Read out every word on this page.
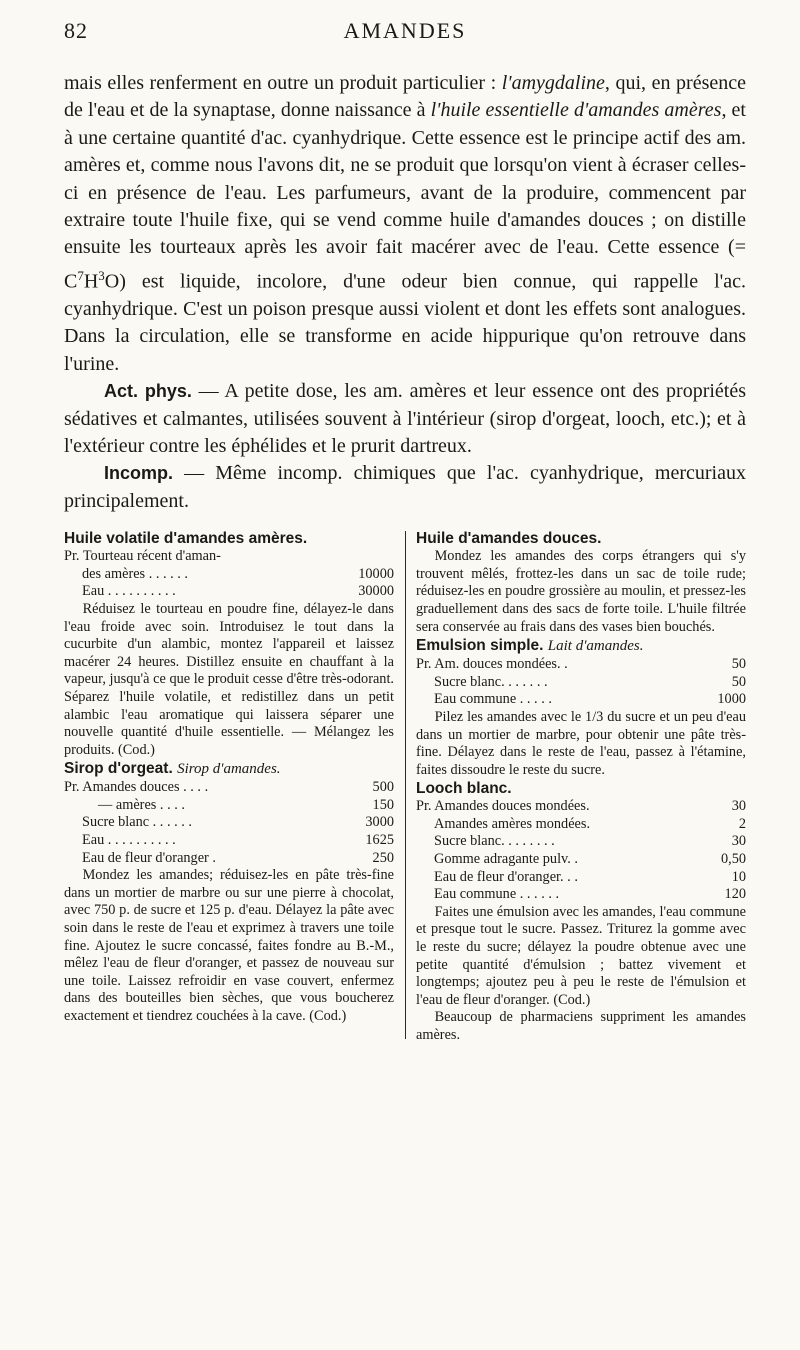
82	AMANDES

mais elles renferment en outre un produit particulier : l'amygdaline, qui, en présence de l'eau et de la synaptase, donne naissance à l'huile essentielle d'amandes amères, et à une certaine quantité d'ac. cyanhydrique. Cette essence est le principe actif des am. amères et, comme nous l'avons dit, ne se produit que lorsqu'on vient à écraser celles-ci en présence de l'eau. Les parfumeurs, avant de la produire, commencent par extraire toute l'huile fixe, qui se vend comme huile d'amandes douces ; on distille ensuite les tourteaux après les avoir fait macérer avec de l'eau. Cette essence (= $C^7H^3O$) est liquide, incolore, d'une odeur bien connue, qui rappelle l'ac. cyanhydrique. C'est un poison presque aussi violent et dont les effets sont analogues. Dans la circulation, elle se transforme en acide hippurique qu'on retrouve dans l'urine.

Act. phys. — A petite dose, les am. amères et leur essence ont des propriétés sédatives et calmantes, utilisées souvent à l'intérieur (sirop d'orgeat, looch, etc.); et à l'extérieur contre les éphélides et le prurit dartreux.

Incomp. — Même incomp. chimiques que l'ac. cyanhydrique, mercuriaux principalement.

Huile volatile d'amandes amères.
Pr. Tourteau récent d'aman-
des amères . . . . . .	10000
Eau . . . . . . . . . .	30000

Réduisez le tourteau en poudre fine, délayez-le dans l'eau froide avec soin. Introduisez le tout dans la cucurbite d'un alambic, montez l'appareil et laissez macérer 24 heures. Distillez ensuite en chauffant à la vapeur, jusqu'à ce que le produit cesse d'être très-odorant. Séparez l'huile volatile, et redistillez dans un petit alambic l'eau aromatique qui laissera séparer une nouvelle quantité d'huile essentielle. — Mélangez les produits. (Cod.)

Sirop d'orgeat. Sirop d'amandes.
Pr. Amandes douces . . . .	500
— amères . . . .	150
Sucre blanc . . . . . .	3000
Eau . . . . . . . . . .	1625
Eau de fleur d'oranger .	250

Mondez les amandes; réduisez-les en pâte très-fine dans un mortier de marbre ou sur une pierre à chocolat, avec 750 p. de sucre et 125 p. d'eau. Délayez la pâte avec soin dans le reste de l'eau et exprimez à travers une toile fine. Ajoutez le sucre concassé, faites fondre au B.-M., mêlez l'eau de fleur d'oranger, et passez de nouveau sur une toile. Laissez refroidir en vase couvert, enfermez dans des bouteilles bien sèches, que vous boucherez exactement et tiendrez couchées à la cave. (Cod.)

Huile d'amandes douces.

Mondez les amandes des corps étrangers qui s'y trouvent mêlés, frottez-les dans un sac de toile rude; réduisez-les en poudre grossière au moulin, et pressez-les graduellement dans des sacs de forte toile. L'huile filtrée sera conservée au frais dans des vases bien bouchés.

Emulsion simple. Lait d'amandes.
Pr. Am. douces mondées. .	50
Sucre blanc. . . . . . .	50
Eau commune . . . . .	1000

Pilez les amandes avec le 1/3 du sucre et un peu d'eau dans un mortier de marbre, pour obtenir une pâte très-fine. Délayez dans le reste de l'eau, passez à l'étamine, faites dissoudre le reste du sucre.

Looch blanc.
Pr. Amandes douces mondées.	30
Amandes amères mondées.	2
Sucre blanc. . . . . . . .	30
Gomme adragante pulv. .	0,50
Eau de fleur d'oranger. . .	10
Eau commune . . . . . .	120

Faites une émulsion avec les amandes, l'eau commune et presque tout le sucre. Passez. Triturez la gomme avec le reste du sucre; délayez la poudre obtenue avec une petite quantité d'émulsion ; battez vivement et longtemps; ajoutez peu à peu le reste de l'émulsion et l'eau de fleur d'oranger. (Cod.)

Beaucoup de pharmaciens suppriment les amandes amères.
